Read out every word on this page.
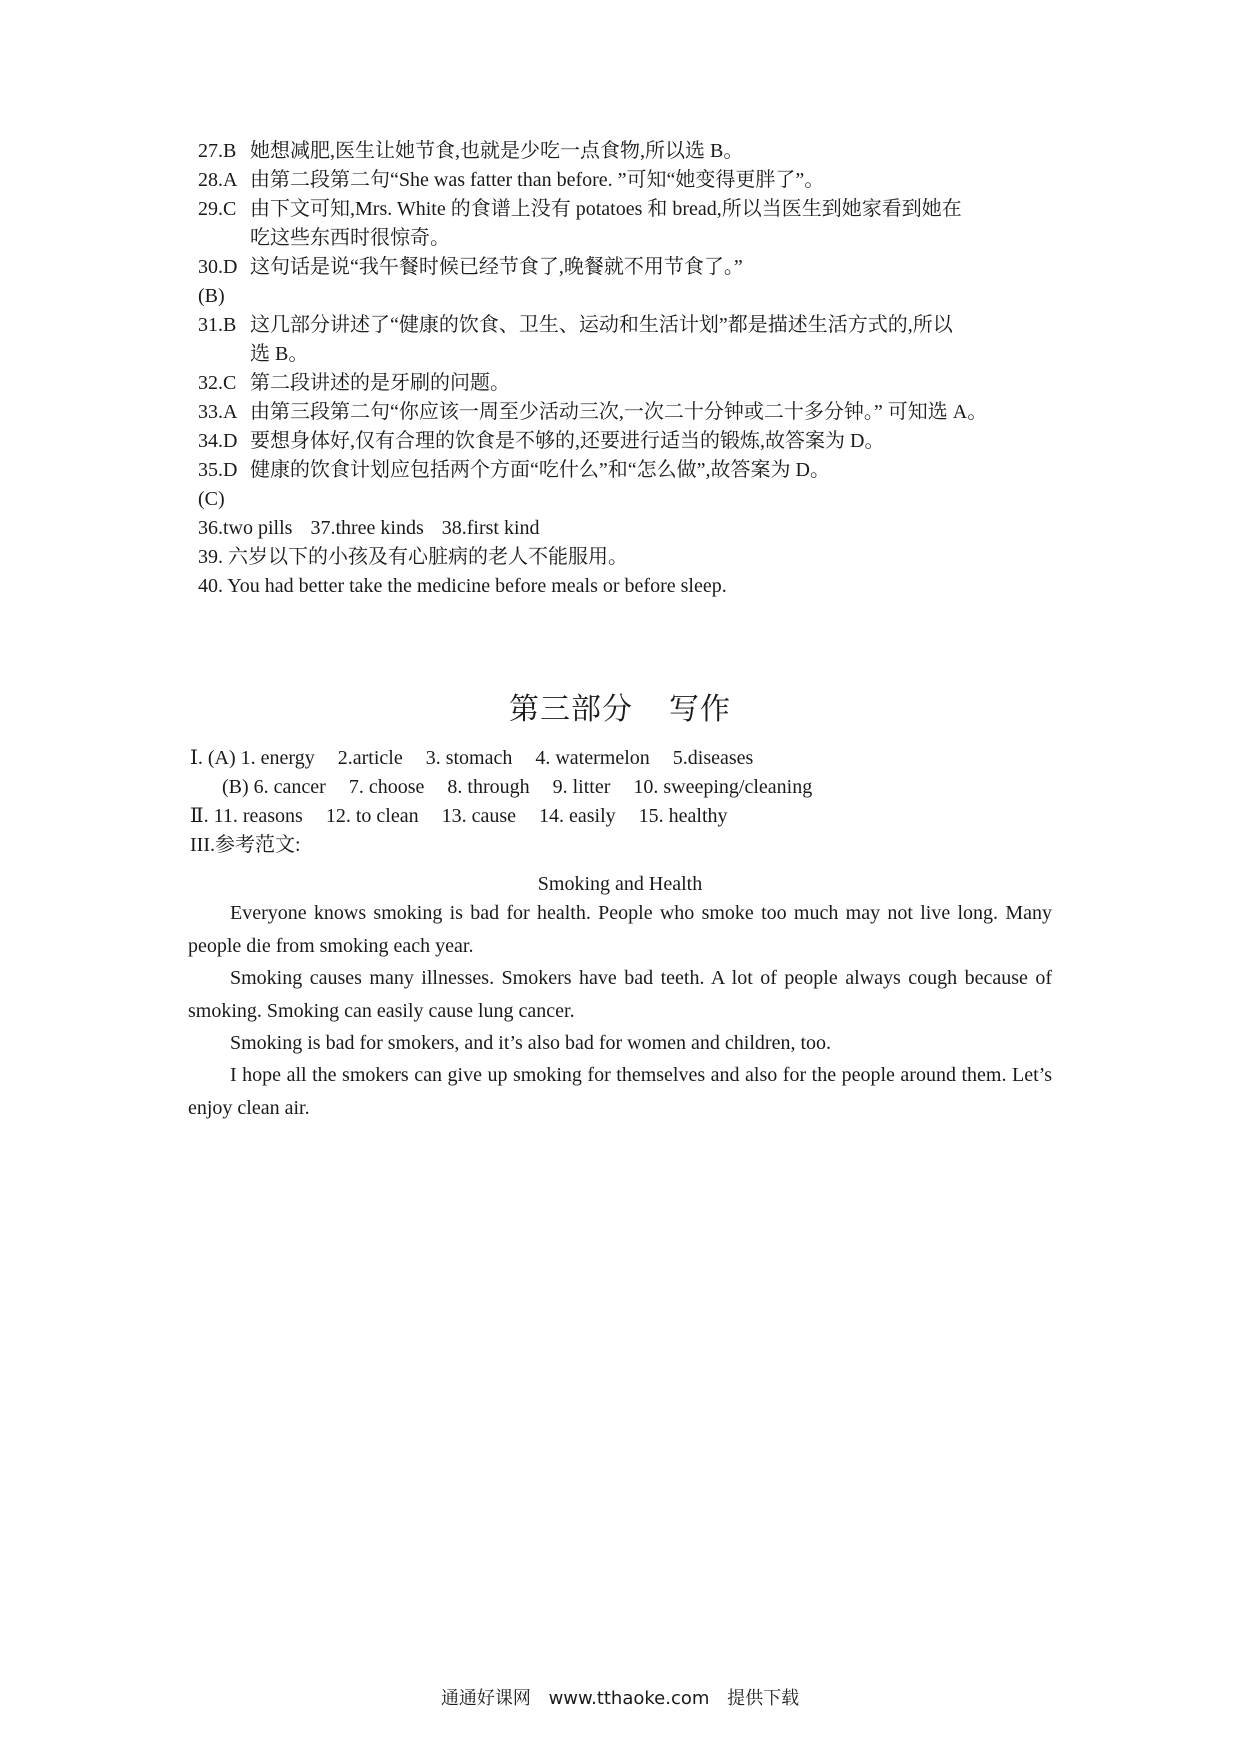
27.B 她想减肥,医生让她节食,也就是少吃一点食物,所以选 B。
28.A 由第二段第二句“She was fatter than before. ”可知“她变得更胖了”。
29.C 由下文可知,Mrs. White 的食谱上没有 potatoes 和 bread,所以当医生到她家看到她在
吃这些东西时很惊奇。
30.D 这句话是说“我午餐时候已经节食了,晚餐就不用节食了。”
(B)
31.B 这几部分讲述了“健康的饮食、卫生、运动和生活计划”都是描述生活方式的,所以
选 B。
32.C 第二段讲述的是牙刷的问题。
33.A 由第三段第二句“你应该一周至少活动三次,一次二十分钟或二十多分钟。” 可知选 A。
34.D 要想身体好,仅有合理的饮食是不够的,还要进行适当的锻炼,故答案为 D。
35.D 健康的饮食计划应包括两个方面“吃什么”和“怎么做”,故答案为 D。
(C)
36.two pills 37.three kinds 38.first kind
39. 六岁以下的小孩及有心脏病的老人不能服用。
40. You had better take the medicine before meals or before sleep.
第三部分 写作
Ⅰ. (A) 1. energy 2.article 3. stomach 4. watermelon 5.diseases
(B) 6. cancer 7. choose 8. through 9. litter 10. sweeping/cleaning
Ⅱ. 11. reasons 12. to clean 13. cause 14. easily 15. healthy
III.参考范文:
Smoking and Health
Everyone knows smoking is bad for health. People who smoke too much may not live long. Many people die from smoking each year.
Smoking causes many illnesses. Smokers have bad teeth. A lot of people always cough because of smoking. Smoking can easily cause lung cancer.
Smoking is bad for smokers, and it’s also bad for women and children, too.
I hope all the smokers can give up smoking for themselves and also for the people around them. Let’s enjoy clean air.
通通好课网 www.tthaoke.com 提供下载
